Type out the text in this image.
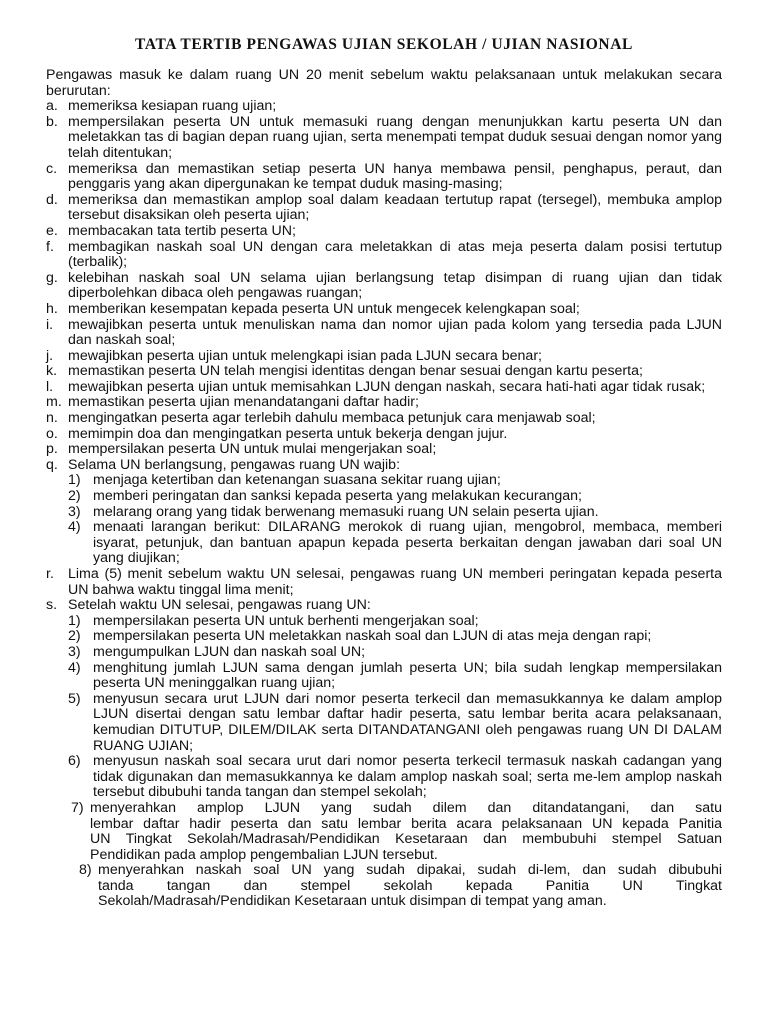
TATA TERTIB PENGAWAS UJIAN SEKOLAH / UJIAN NASIONAL
Pengawas masuk ke dalam ruang UN 20 menit sebelum waktu pelaksanaan untuk melakukan secara berurutan:
a. memeriksa kesiapan ruang ujian;
b. mempersilakan peserta UN untuk memasuki ruang dengan menunjukkan kartu peserta UN dan meletakkan tas di bagian depan ruang ujian, serta menempati tempat duduk sesuai dengan nomor yang telah ditentukan;
c. memeriksa dan memastikan setiap peserta UN hanya membawa pensil, penghapus, peraut, dan penggaris yang akan dipergunakan ke tempat duduk masing-masing;
d. memeriksa dan memastikan amplop soal dalam keadaan tertutup rapat (tersegel), membuka amplop tersebut disaksikan oleh peserta ujian;
e. membacakan tata tertib peserta UN;
f. membagikan naskah soal UN dengan cara meletakkan di atas meja peserta dalam posisi tertutup (terbalik);
g. kelebihan naskah soal UN selama ujian berlangsung tetap disimpan di ruang ujian dan tidak diperbolehkan dibaca oleh pengawas ruangan;
h. memberikan kesempatan kepada peserta UN untuk mengecek kelengkapan soal;
i. mewajibkan peserta untuk menuliskan nama dan nomor ujian pada kolom yang tersedia pada LJUN dan naskah soal;
j. mewajibkan peserta ujian untuk melengkapi isian pada LJUN secara benar;
k. memastikan peserta UN telah mengisi identitas dengan benar sesuai dengan kartu peserta;
l. mewajibkan peserta ujian untuk memisahkan LJUN dengan naskah, secara hati-hati agar tidak rusak;
m. memastikan peserta ujian menandatangani daftar hadir;
n. mengingatkan peserta agar terlebih dahulu membaca petunjuk cara menjawab soal;
o. memimpin doa dan mengingatkan peserta untuk bekerja dengan jujur.
p. mempersilakan peserta UN untuk mulai mengerjakan soal;
q. Selama UN berlangsung, pengawas ruang UN wajib:
1) menjaga ketertiban dan ketenangan suasana sekitar ruang ujian;
2) memberi peringatan dan sanksi kepada peserta yang melakukan kecurangan;
3) melarang orang yang tidak berwenang memasuki ruang UN selain peserta ujian.
4) menaati larangan berikut: DILARANG merokok di ruang ujian, mengobrol, membaca, memberi isyarat, petunjuk, dan bantuan apapun kepada peserta berkaitan dengan jawaban dari soal UN yang diujikan;
r. Lima (5) menit sebelum waktu UN selesai, pengawas ruang UN memberi peringatan kepada peserta UN bahwa waktu tinggal lima menit;
s. Setelah waktu UN selesai, pengawas ruang UN:
1) mempersilakan peserta UN untuk berhenti mengerjakan soal;
2) mempersilakan peserta UN meletakkan naskah soal dan LJUN di atas meja dengan rapi;
3) mengumpulkan LJUN dan naskah soal UN;
4) menghitung jumlah LJUN sama dengan jumlah peserta UN; bila sudah lengkap mempersilakan peserta UN meninggalkan ruang ujian;
5) menyusun secara urut LJUN dari nomor peserta terkecil dan memasukkannya ke dalam amplop LJUN disertai dengan satu lembar daftar hadir peserta, satu lembar berita acara pelaksanaan, kemudian DITUTUP, DILEM/DILAK serta DITANDATANGANI oleh pengawas ruang UN DI DALAM RUANG UJIAN;
6) menyusun naskah soal secara urut dari nomor peserta terkecil termasuk naskah cadangan yang tidak digunakan dan memasukkannya ke dalam amplop naskah soal; serta me-lem amplop naskah tersebut dibubuhi tanda tangan dan stempel sekolah;
7) menyerahkan amplop LJUN yang sudah dilem dan ditandatangani, dan satu
lembar daftar hadir peserta dan satu lembar berita acara pelaksanaan UN kepada Panitia
UN Tingkat Sekolah/Madrasah/Pendidikan Kesetaraan dan membubuhi stempel Satuan
Pendidikan pada amplop pengembalian LJUN tersebut.
8) menyerahkan naskah soal UN yang sudah dipakai, sudah di-lem, dan sudah dibubuhi
tanda tangan dan stempel sekolah kepada Panitia UN Tingkat
Sekolah/Madrasah/Pendidikan Kesetaraan untuk disimpan di tempat yang aman.
